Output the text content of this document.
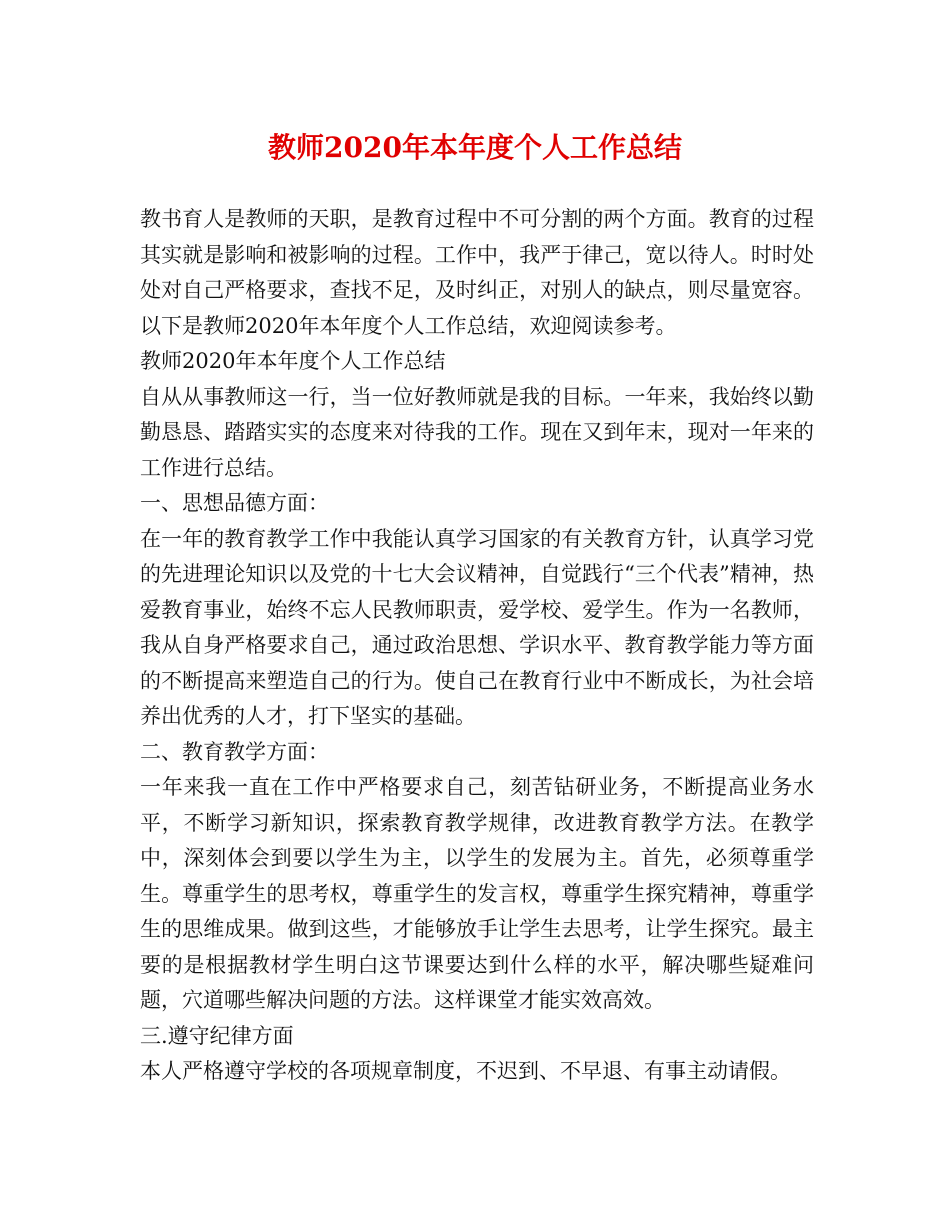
教师2020年本年度个人工作总结

教书育人是教师的天职，是教育过程中不可分割的两个方面。教育的过程其实就是影响和被影响的过程。工作中，我严于律己，宽以待人。时时处处对自己严格要求，查找不足，及时纠正，对别人的缺点，则尽量宽容。以下是教师2020年本年度个人工作总结，欢迎阅读参考。

教师2020年本年度个人工作总结

自从从事教师这一行，当一位好教师就是我的目标。一年来，我始终以勤勤恳恳、踏踏实实的态度来对待我的工作。现在又到年末，现对一年来的工作进行总结。

一、思想品德方面：

在一年的教育教学工作中我能认真学习国家的有关教育方针，认真学习党的先进理论知识以及党的十七大会议精神，自觉践行“三个代表”精神，热爱教育事业，始终不忘人民教师职责，爱学校、爱学生。作为一名教师，我从自身严格要求自己，通过政治思想、学识水平、教育教学能力等方面的不断提高来塑造自己的行为。使自己在教育行业中不断成长，为社会培养出优秀的人才，打下坚实的基础。

二、教育教学方面：

一年来我一直在工作中严格要求自己，刻苦钻研业务，不断提高业务水平，不断学习新知识，探索教育教学规律，改进教育教学方法。在教学中，深刻体会到要以学生为主，以学生的发展为主。首先，必须尊重学生。尊重学生的思考权，尊重学生的发言权，尊重学生探究精神，尊重学生的思维成果。做到这些，才能够放手让学生去思考，让学生探究。最主要的是根据教材学生明白这节课要达到什么样的水平，解决哪些疑难问题，穴道哪些解决问题的方法。这样课堂才能实效高效。

三.遵守纪律方面

本人严格遵守学校的各项规章制度，不迟到、不早退、有事主动请假。
